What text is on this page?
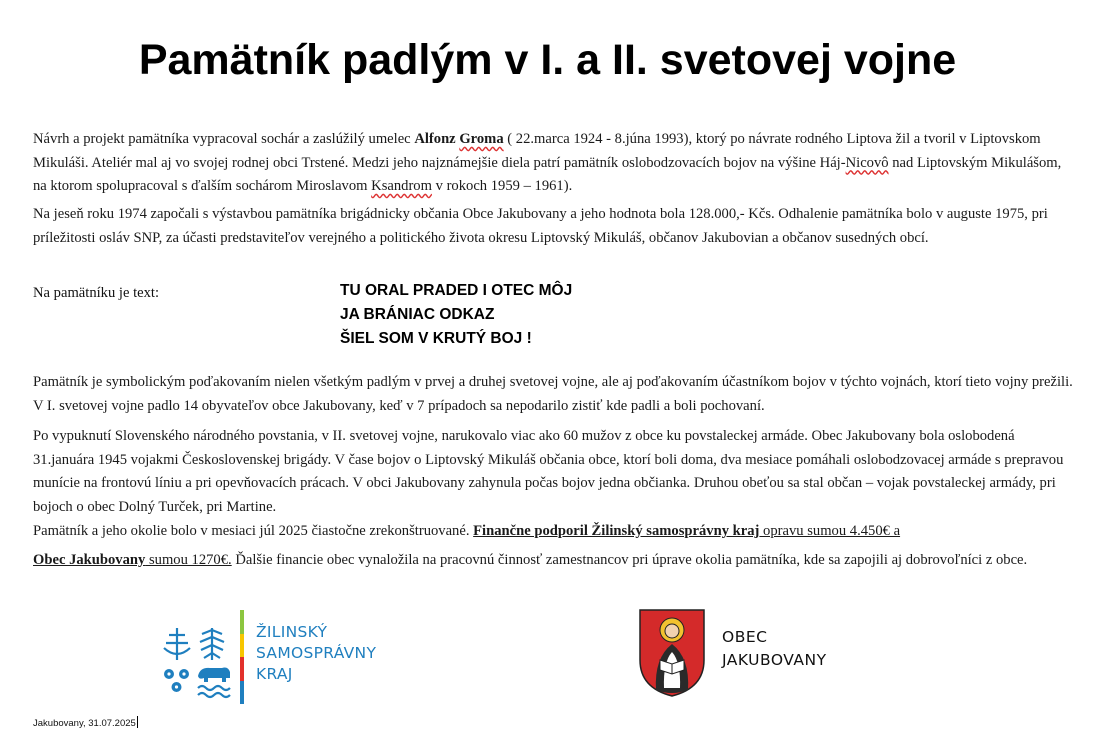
Pamätník padlým v I. a II. svetovej vojne
Návrh a projekt pamätníka vypracoval sochár a zaslúžilý umelec Alfonz Groma ( 22.marca 1924 - 8.júna 1993), ktorý po návrate rodného Liptova žil a tvoril v Liptovskom Mikuláši. Ateliér mal aj vo svojej rodnej obci Trstené. Medzi jeho najznámejšie diela patrí pamätník oslobodzovacích bojov na výšine Háj-Nicovô nad Liptovským Mikulášom, na ktorom spolupracoval s ďalším sochárom Miroslavom Ksandrom v rokoch 1959 – 1961).
Na jeseň roku 1974 započali s výstavbou pamätníka brigádnicky občania Obce Jakubovany a jeho hodnota bola 128.000,- Kčs. Odhalenie pamätníka bolo v auguste 1975, pri príležitosti osláv SNP, za účasti predstaviteľov verejného a politického života okresu Liptovský Mikuláš, občanov Jakubovian a občanov susedných obcí.
Na pamätníku je text:	TU ORAL PRADED I OTEC MÔJ
JA BRÁNIAC ODKAZ
ŠIEL SOM V KRUTÝ BOJ !
Pamätník je symbolickým poďakovaním nielen všetkým padlým v prvej a druhej svetovej vojne, ale aj poďakovaním účastníkom bojov v týchto vojnách, ktorí tieto vojny prežili. V I. svetovej vojne padlo 14 obyvateľov obce Jakubovany, keď v 7 prípadoch sa nepodarilo zistiť kde padli a boli pochovaní.
Po vypuknutí Slovenského národného povstania, v II. svetovej vojne, narukovalo viac ako 60 mužov z obce ku povstaleckej armáde. Obec Jakubovany bola oslobodená 31.januára 1945 vojakmi Československej brigády. V čase bojov o Liptovský Mikuláš občania obce, ktorí boli doma, dva mesiace pomáhali oslobodzovacej armáde s prepravou munície na frontovú líniu a pri opevňovacích prácach. V obci Jakubovany zahynula počas bojov jedna občianka. Druhou obeťou sa stal občan – vojak povstaleckej armády, pri bojoch o obec Dolný Turček, pri Martine.
Pamätník a jeho okolie bolo v mesiaci júl 2025 čiastočne zrekonštruované. Finančne podporil Žilinský samosprávny kraj opravu sumou 4.450€ a
Obec Jakubovany sumou 1270€. Ďalšie financie obec vynaložila na pracovnú činnosť zamestnancov pri úprave okolia pamätníka, kde sa zapojili aj dobrovoľníci z obce.
ŽILINSKÝ
SAMOSPRÁVNY
KRAJ
OBEC
JAKUBOVANY
Jakubovany, 31.07.2025
